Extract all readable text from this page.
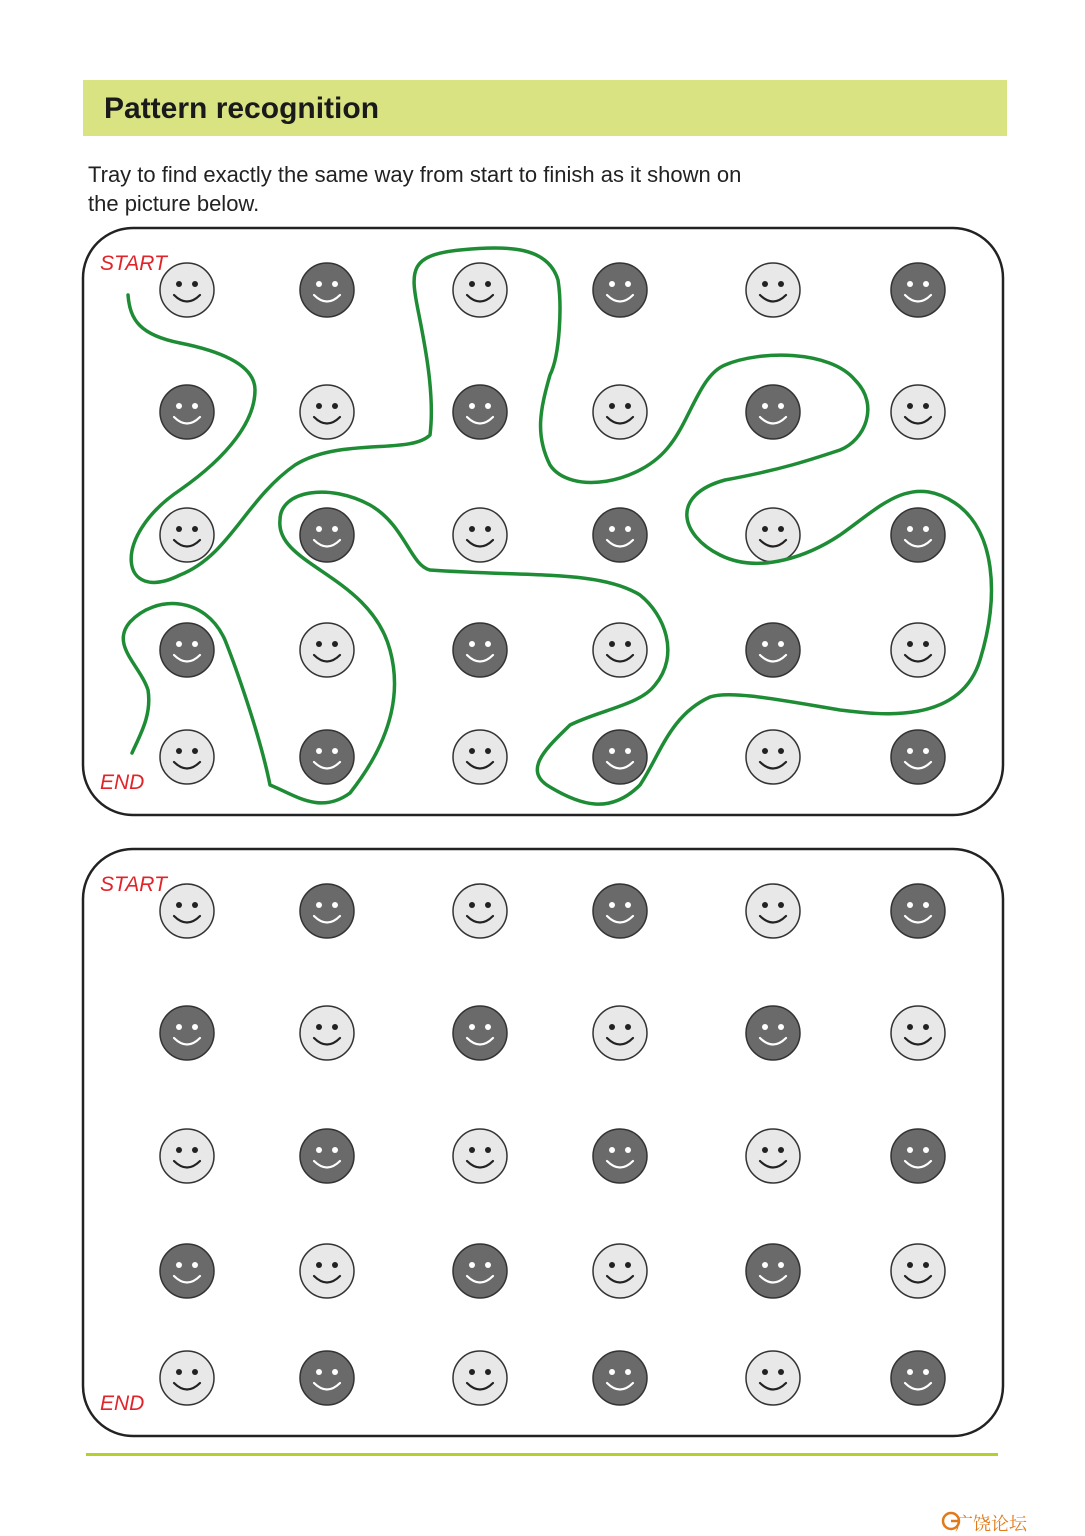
Pattern recognition
Tray to find exactly the same way from start to finish as it shown on
the picture below.
START
END
START
END
广饶论坛
